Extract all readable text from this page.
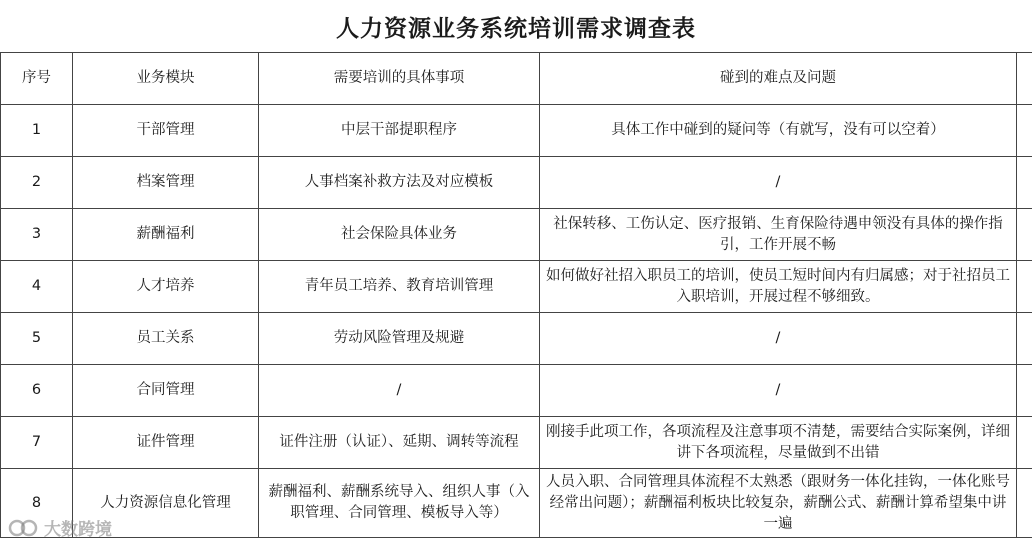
人力资源业务系统培训需求调查表
序号	业务模块	需要培训的具体事项	碰到的难点及问题	
1	干部管理	中层干部提职程序	具体工作中碰到的疑问等（有就写，没有可以空着）	
2	档案管理	人事档案补救方法及对应模板	/	
3	薪酬福利	社会保险具体业务	社保转移、工伤认定、医疗报销、生育保险待遇申领没有具体的操作指引，工作开展不畅	
4	人才培养	青年员工培养、教育培训管理	如何做好社招入职员工的培训，使员工短时间内有归属感；对于社招员工入职培训，开展过程不够细致。	
5	员工关系	劳动风险管理及规避	/	
6	合同管理	/	/	
7	证件管理	证件注册（认证）、延期、调转等流程	刚接手此项工作，各项流程及注意事项不清楚，需要结合实际案例，详细讲下各项流程，尽量做到不出错	
8	人力资源信息化管理	薪酬福利、薪酬系统导入、组织人事（入职管理、合同管理、模板导入等）	人员入职、合同管理具体流程不太熟悉（跟财务一体化挂钩，一体化账号经常出问题）；薪酬福利板块比较复杂，薪酬公式、薪酬计算希望集中讲一遍	
大数跨境
